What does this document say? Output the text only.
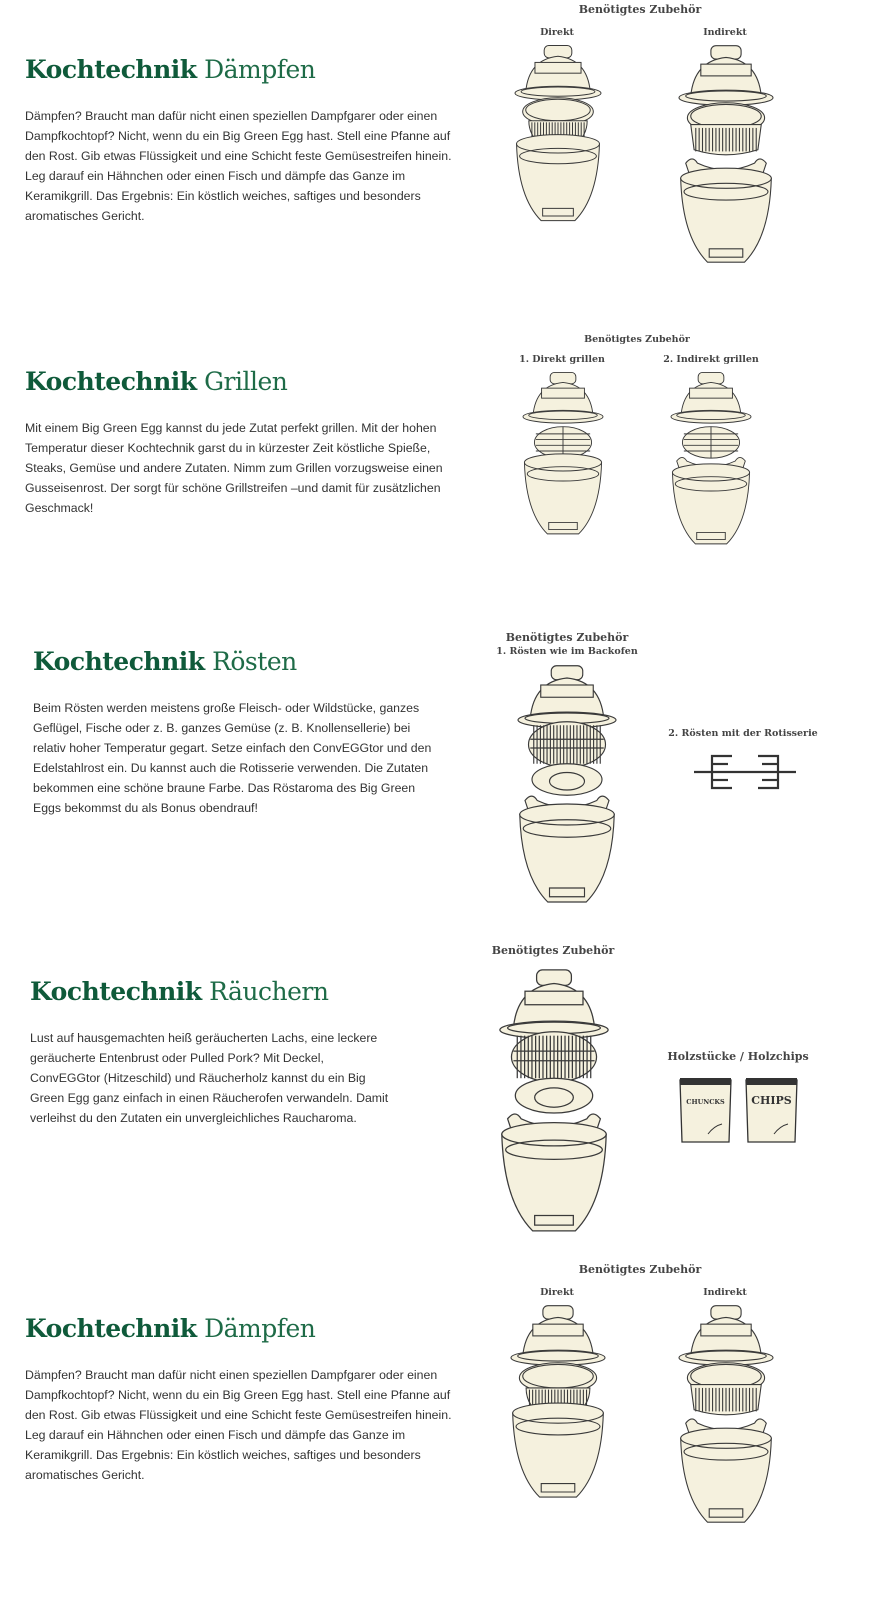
Kochtechnik Dämpfen
Dämpfen? Braucht man dafür nicht einen speziellen Dampfgarer oder einen Dampfkochtopf? Nicht, wenn du ein Big Green Egg hast. Stell eine Pfanne auf den Rost. Gib etwas Flüssigkeit und eine Schicht feste Gemüsestreifen hinein. Leg darauf ein Hähnchen oder einen Fisch und dämpfe das Ganze im Keramikgrill. Das Ergebnis: Ein köstlich weiches, saftiges und besonders aromatisches Gericht.
Benötigtes Zubehör
Direkt	Indirekt
Kochtechnik Grillen
Mit einem Big Green Egg kannst du jede Zutat perfekt grillen. Mit der hohen Temperatur dieser Kochtechnik garst du in kürzester Zeit köstliche Spieße, Steaks, Gemüse und andere Zutaten. Nimm zum Grillen vorzugsweise einen Gusseisenrost. Der sorgt für schöne Grillstreifen –und damit für zusätzlichen Geschmack!
Benötigtes Zubehör
1. Direkt grillen	2. Indirekt grillen
Kochtechnik Rösten
Beim Rösten werden meistens große Fleisch- oder Wildstücke, ganzes Geflügel, Fische oder z. B. ganzes Gemüse (z. B. Knollensellerie) bei relativ hoher Temperatur gegart. Setze einfach den ConvEGGtor und den Edelstahlrost ein. Du kannst auch die Rotisserie verwenden. Die Zutaten bekommen eine schöne braune Farbe. Das Röstaroma des Big Green Eggs bekommst du als Bonus obendrauf!
Benötigtes Zubehör
1. Rösten wie im Backofen
2. Rösten mit der Rotisserie
Kochtechnik Räuchern
Lust auf hausgemachten heiß geräucherten Lachs, eine leckere geräucherte Entenbrust oder Pulled Pork? Mit Deckel, ConvEGGtor (Hitzeschild) und Räucherholz kannst du ein Big Green Egg ganz einfach in einen Räucherofen verwandeln. Damit verleihst du den Zutaten ein unvergleichliches Raucharoma.
Benötigtes Zubehör
Holzstücke / Holzchips
CHUNCKS	CHIPS
Kochtechnik Dämpfen
Dämpfen? Braucht man dafür nicht einen speziellen Dampfgarer oder einen Dampfkochtopf? Nicht, wenn du ein Big Green Egg hast. Stell eine Pfanne auf den Rost. Gib etwas Flüssigkeit und eine Schicht feste Gemüsestreifen hinein. Leg darauf ein Hähnchen oder einen Fisch und dämpfe das Ganze im Keramikgrill. Das Ergebnis: Ein köstlich weiches, saftiges und besonders aromatisches Gericht.
Benötigtes Zubehör
Direkt	Indirekt
